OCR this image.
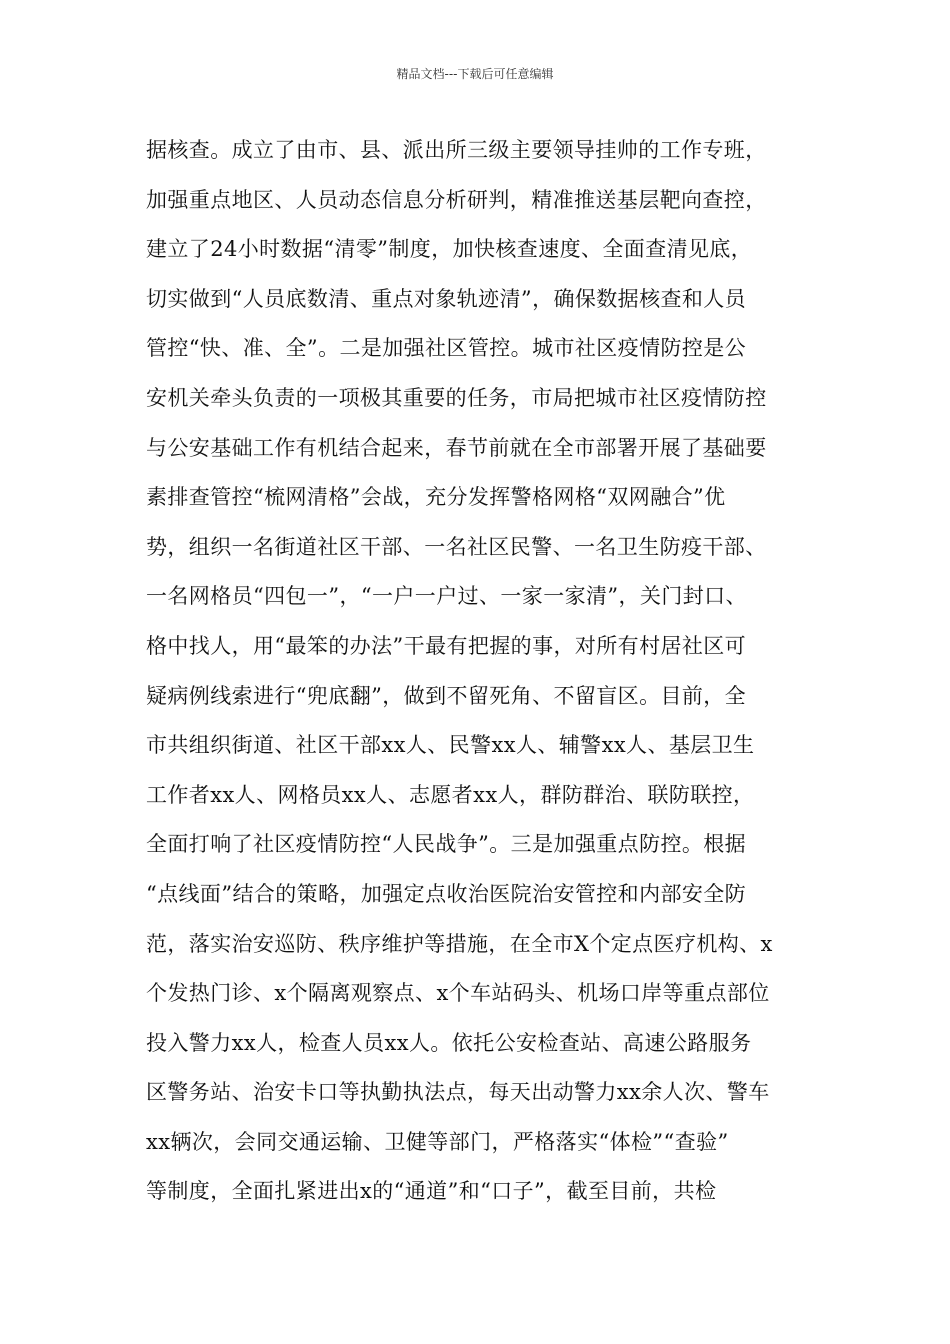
精品文档---下载后可任意编辑
据核查。成立了由市、县、派出所三级主要领导挂帅的工作专班，
加强重点地区、人员动态信息分析研判，精准推送基层靶向查控，
建立了24小时数据“清零”制度，加快核查速度、全面查清见底，
切实做到“人员底数清、重点对象轨迹清”，确保数据核查和人员
管控“快、准、全”。二是加强社区管控。城市社区疫情防控是公
安机关牵头负责的一项极其重要的任务，市局把城市社区疫情防控
与公安基础工作有机结合起来，春节前就在全市部署开展了基础要
素排查管控“梳网清格”会战，充分发挥警格网格“双网融合”优
势，组织一名街道社区干部、一名社区民警、一名卫生防疫干部、
一名网格员“四包一”，“一户一户过、一家一家清”，关门封口、
格中找人，用“最笨的办法”干最有把握的事，对所有村居社区可
疑病例线索进行“兜底翻”，做到不留死角、不留盲区。目前，全
市共组织街道、社区干部xx人、民警xx人、辅警xx人、基层卫生
工作者xx人、网格员xx人、志愿者xx人，群防群治、联防联控，
全面打响了社区疫情防控“人民战争”。三是加强重点防控。根据
“点线面”结合的策略，加强定点收治医院治安管控和内部安全防
范，落实治安巡防、秩序维护等措施，在全市X个定点医疗机构、x
个发热门诊、x个隔离观察点、x个车站码头、机场口岸等重点部位
投入警力xx人，检查人员xx人。依托公安检查站、高速公路服务
区警务站、治安卡口等执勤执法点，每天出动警力xx余人次、警车
xx辆次，会同交通运输、卫健等部门，严格落实“体检”“查验”
等制度，全面扎紧进出x的“通道”和“口子”，截至目前，共检
